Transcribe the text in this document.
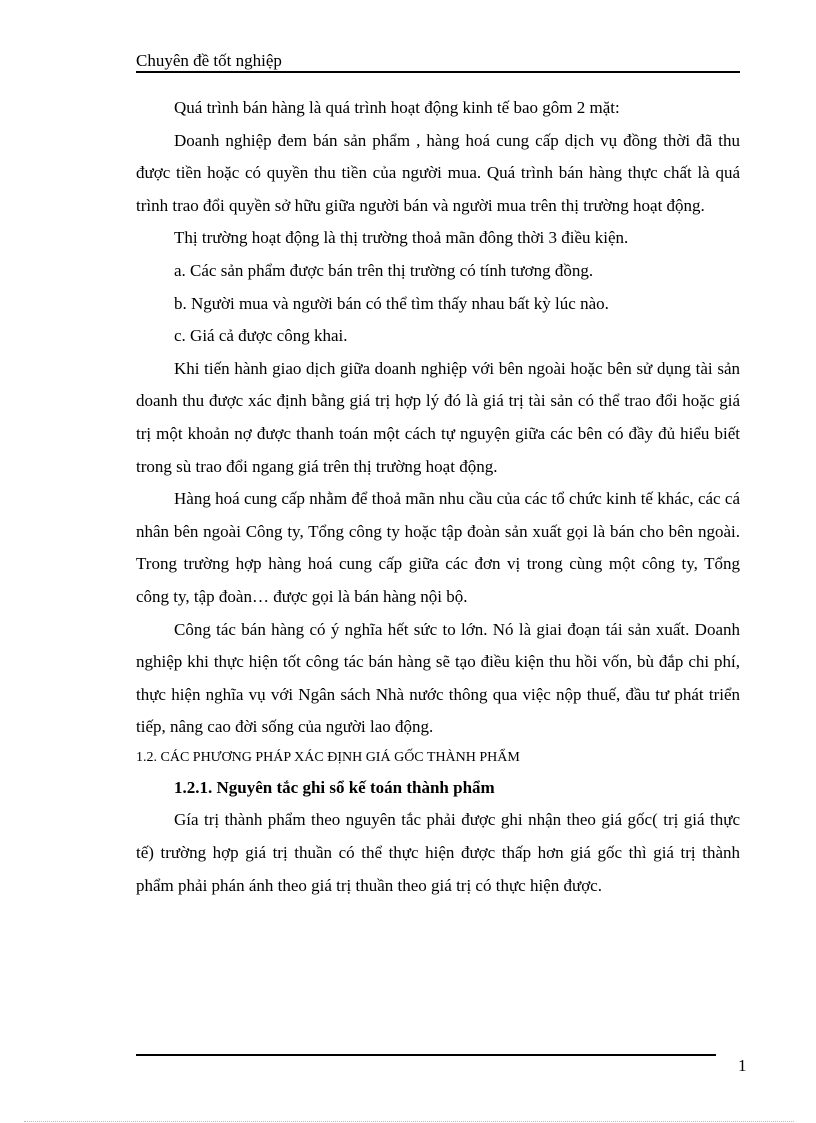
Chuyên đề tốt nghiệp

Quá trình bán hàng là quá trình hoạt động kinh tế bao gôm 2 mặt:

Doanh nghiệp đem bán sản phẩm , hàng hoá cung cấp dịch vụ đồng thời đã thu được tiền hoặc có quyền thu tiền của người mua. Quá trình bán hàng thực chất là quá trình trao đổi quyền sở hữu giữa người bán và người mua trên thị trường hoạt động.

Thị trường hoạt động là thị trường thoả mãn đông thời 3 điều kiện.

a. Các sản phẩm được bán trên thị trường có tính tương đồng.

b. Người mua và người bán có thể tìm thấy nhau bất kỳ lúc nào.

c. Giá cả được công khai.

Khi tiến hành giao dịch giữa doanh nghiệp với bên ngoài hoặc bên sử dụng tài sản doanh thu được xác định bằng giá trị hợp lý đó là giá trị tài sản có thể trao đổi hoặc giá trị một khoản nợ được thanh toán một cách tự nguyện giữa các bên có đầy đủ hiểu biết trong sù trao đổi ngang giá trên thị trường hoạt động.

Hàng hoá cung cấp nhằm để thoả mãn nhu cầu của các tổ chức kinh tế khác, các cá nhân bên ngoài Công ty, Tổng công ty hoặc tập đoàn sản xuất gọi là bán cho bên ngoài. Trong trường hợp hàng hoá cung cấp giữa các đơn vị trong cùng một công ty, Tổng công ty, tập đoàn… được gọi là bán hàng nội bộ.

Công tác bán hàng có ý nghĩa hết sức to lớn. Nó là giai đoạn tái sản xuất. Doanh nghiệp khi thực hiện tốt công tác bán hàng sẽ tạo điều kiện thu hồi vốn, bù đắp chi phí, thực hiện nghĩa vụ với Ngân sách Nhà nước thông qua việc nộp thuế, đầu tư phát triển tiếp, nâng cao đời sống của người lao động.

1.2. CÁC PHƯƠNG PHÁP XÁC ĐỊNH GIÁ GỐC THÀNH PHẨM

1.2.1. Nguyên tắc ghi sổ kế toán thành phẩm

Gía trị thành phẩm theo nguyên tắc phải được ghi nhận theo giá gốc( trị giá thực tế) trường hợp giá trị thuần có thể thực hiện được thấp hơn giá gốc thì giá trị thành phẩm phải phán ánh theo giá trị thuần theo giá trị có thực hiện được.

1
